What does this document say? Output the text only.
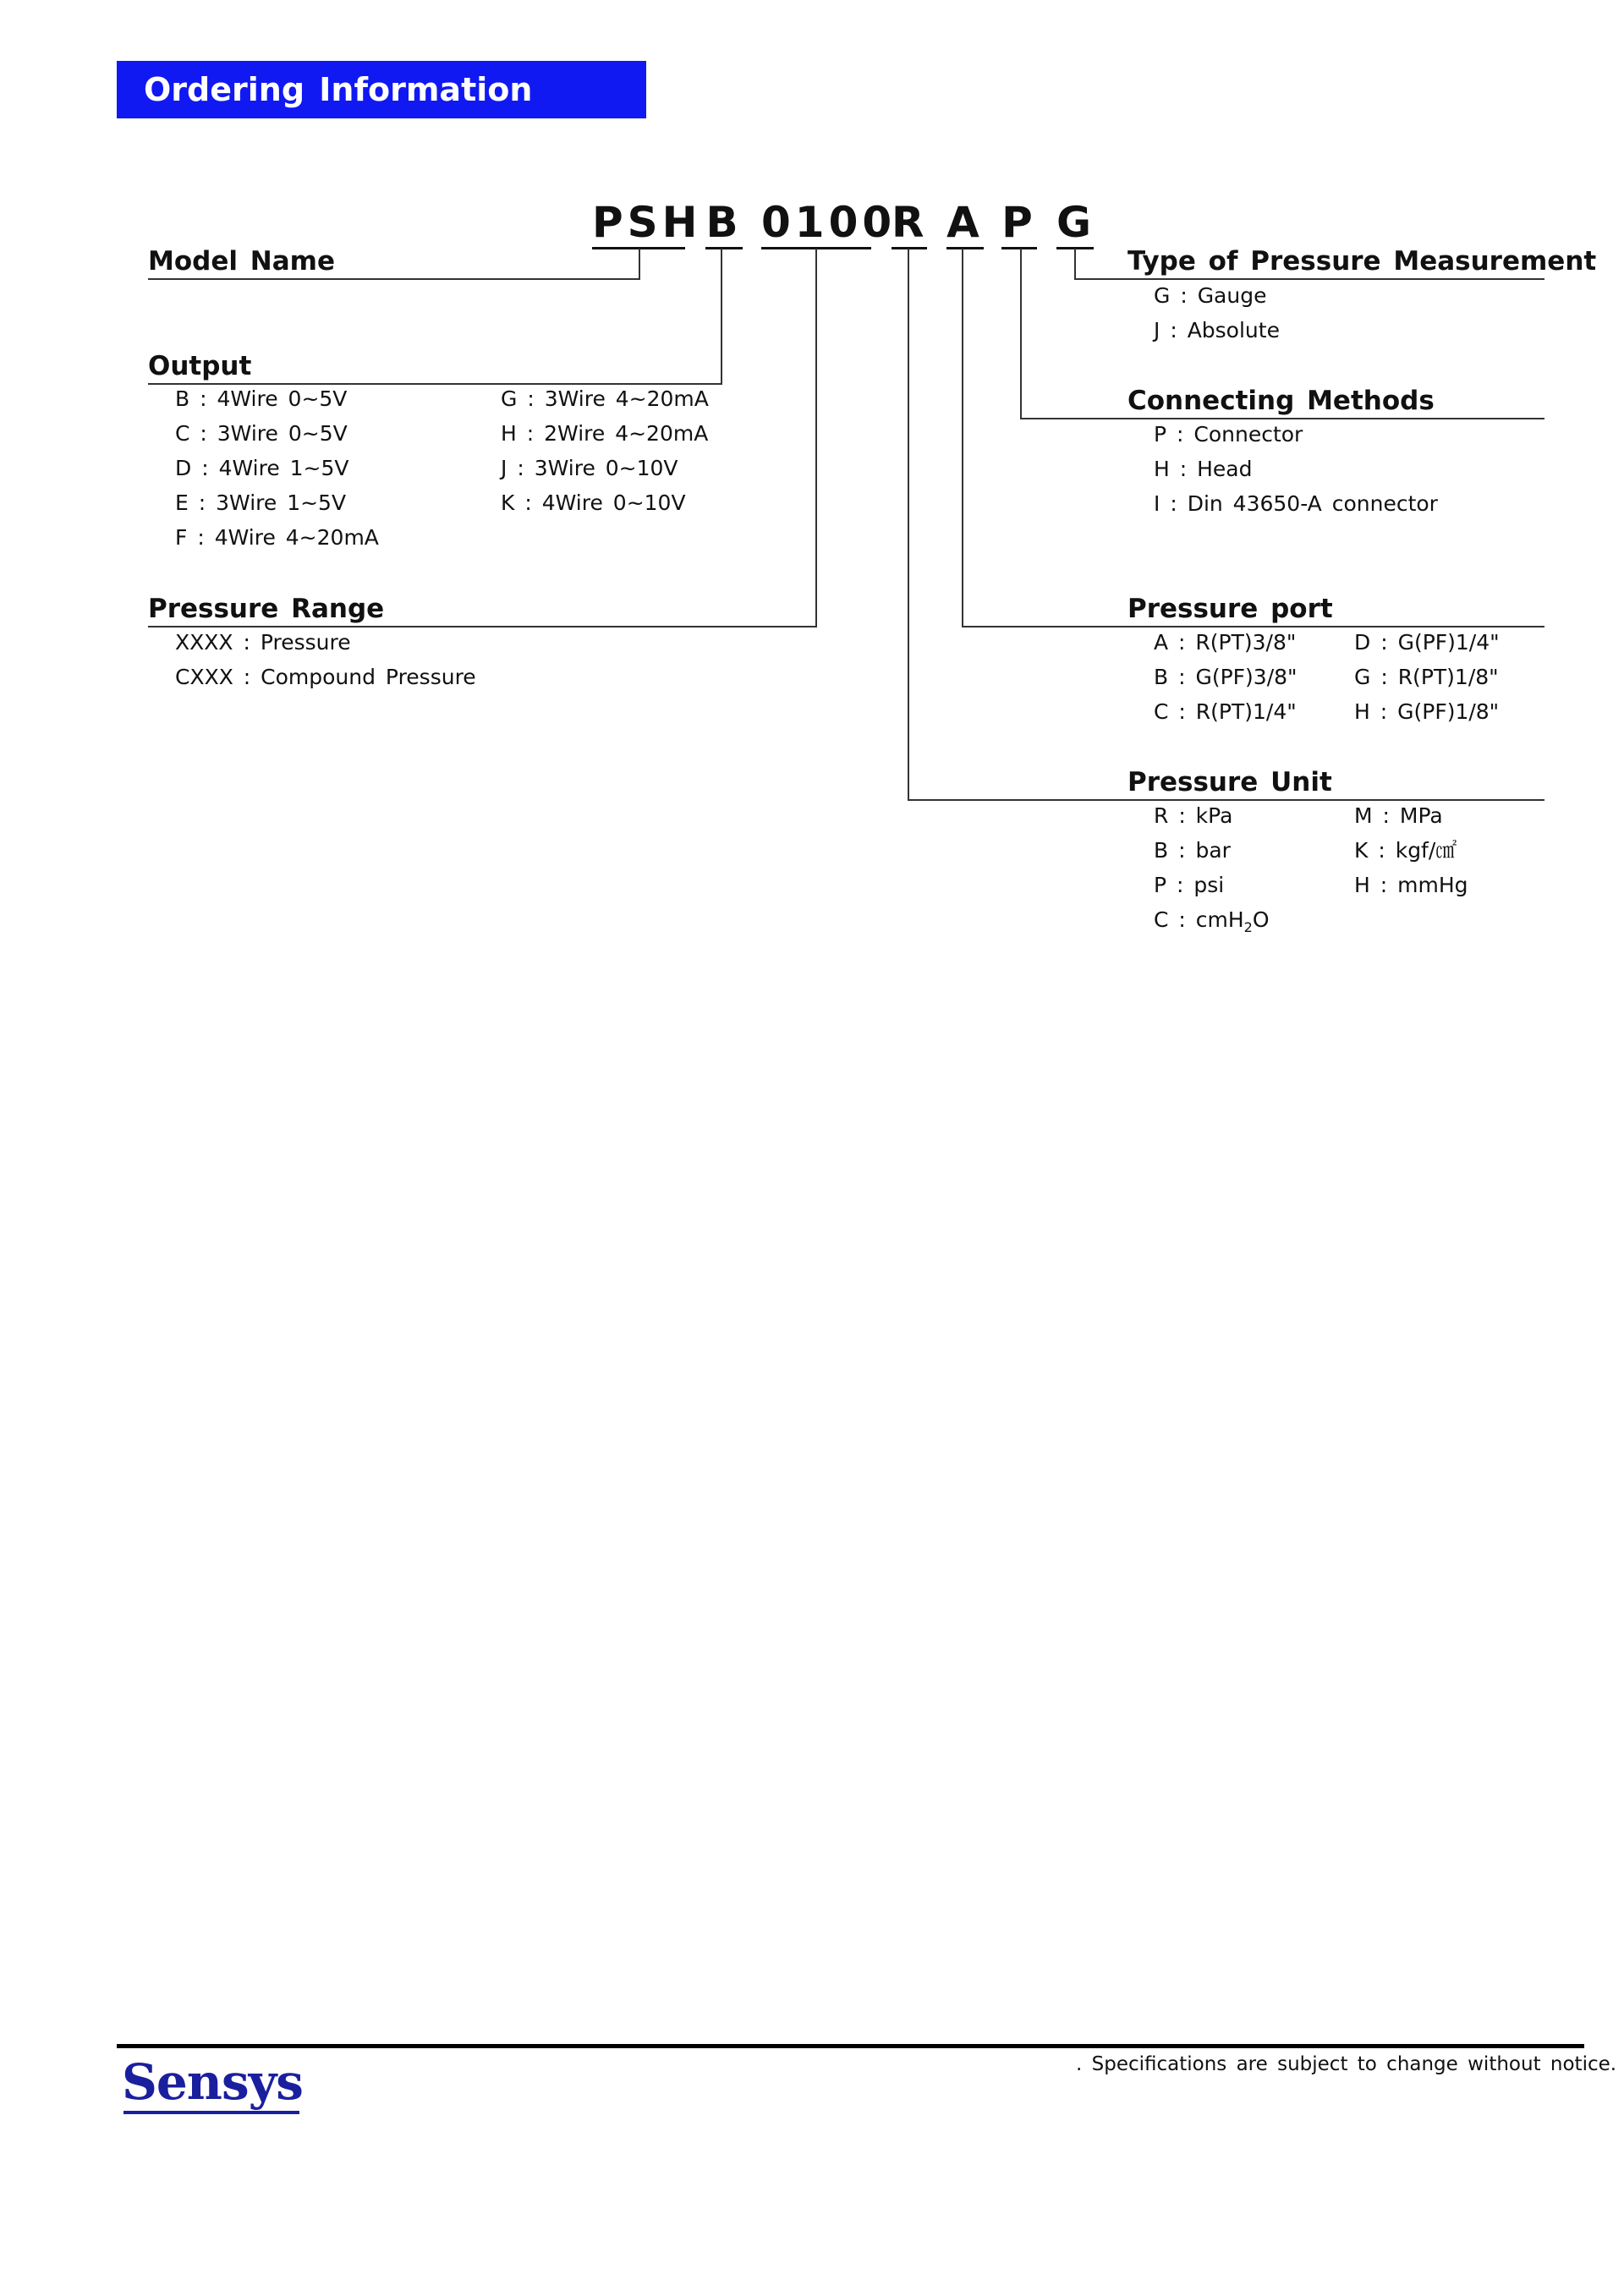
Ordering Information
PSH B 0100
R A P G
Model Name
Output
B : 4Wire 0~5V
C : 3Wire 0~5V
D : 4Wire 1~5V
E : 3Wire 1~5V
F : 4Wire 4~20mA
G : 3Wire 4~20mA
H : 2Wire 4~20mA
J : 3Wire 0~10V
K : 4Wire 0~10V
Pressure Range
XXXX : Pressure
CXXX : Compound Pressure
Type of Pressure Measurement
G : Gauge
J : Absolute
Connecting Methods
P : Connector
H : Head
I : Din 43650-A connector
Pressure port
A : R(PT)3/8"
B : G(PF)3/8"
C : R(PT)1/4"
D : G(PF)1/4"
G : R(PT)1/8"
H : G(PF)1/8"
Pressure Unit
R : kPa
B : bar
P : psi
C : cmH$_2$O
M : MPa
K : kgf/㎠
H : mmHg
Sensys	. Specifications are subject to change without notice.
